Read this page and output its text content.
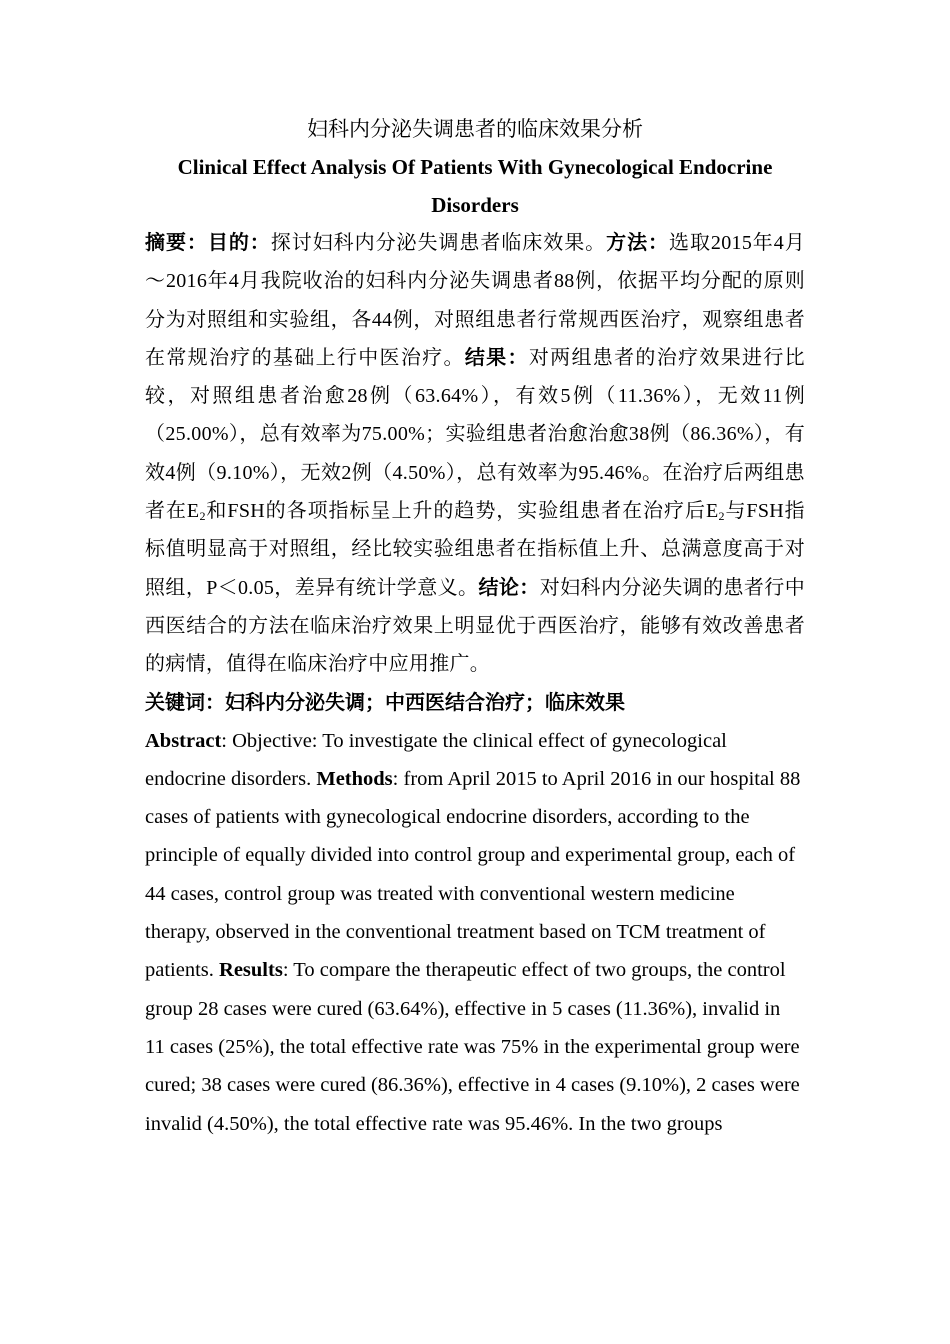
妇科内分泌失调患者的临床效果分析

Clinical Effect Analysis Of Patients With Gynecological Endocrine
Disorders

摘要：目的：探讨妇科内分泌失调患者临床效果。方法：选取2015年4月～2016年4月我院收治的妇科内分泌失调患者88例，依据平均分配的原则分为对照组和实验组，各44例，对照组患者行常规西医治疗，观察组患者在常规治疗的基础上行中医治疗。结果：对两组患者的治疗效果进行比较，对照组患者治愈28例（63.64%），有效5例（11.36%），无效11例（25.00%），总有效率为75.00%；实验组患者治愈治愈38例（86.36%），有效4例（9.10%），无效2例（4.50%），总有效率为95.46%。在治疗后两组患者在$E_2$和FSH的各项指标呈上升的趋势，实验组患者在治疗后$E_2$与FSH指标值明显高于对照组，经比较实验组患者在指标值上升、总满意度高于对照组，P＜0.05，差异有统计学意义。结论：对妇科内分泌失调的患者行中西医结合的方法在临床治疗效果上明显优于西医治疗，能够有效改善患者的病情，值得在临床治疗中应用推广。

关键词：妇科内分泌失调；中西医结合治疗；临床效果

Abstract: Objective: To investigate the clinical effect of gynecological endocrine disorders. Methods: from April 2015 to April 2016 in our hospital 88 cases of patients with gynecological endocrine disorders, according to the principle of equally divided into control group and experimental group, each of 44 cases, control group was treated with conventional western medicine therapy, observed in the conventional treatment based on TCM treatment of patients. Results: To compare the therapeutic effect of two groups, the control group 28 cases were cured (63.64%), effective in 5 cases (11.36%), invalid in 11 cases (25%), the total effective rate was 75% in the experimental group were cured; 38 cases were cured (86.36%), effective in 4 cases (9.10%), 2 cases were invalid (4.50%), the total effective rate was 95.46%. In the two groups
